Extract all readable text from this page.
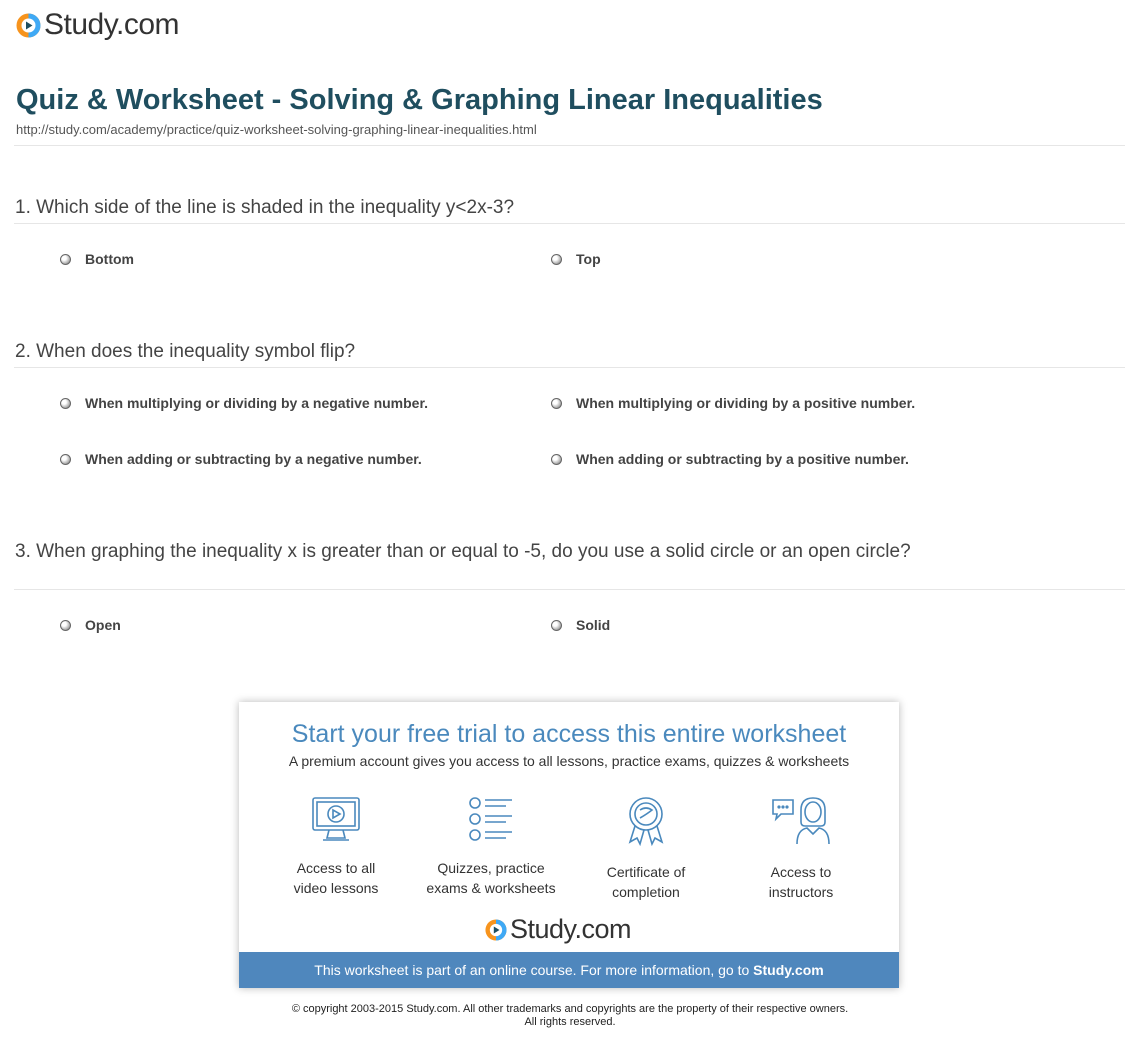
Study.com
Quiz & Worksheet - Solving & Graphing Linear Inequalities
http://study.com/academy/practice/quiz-worksheet-solving-graphing-linear-inequalities.html
1. Which side of the line is shaded in the inequality y<2x-3?
Bottom	Top
2. When does the inequality symbol flip?
When multiplying or dividing by a negative number.	When multiplying or dividing by a positive number.
When adding or subtracting by a negative number.	When adding or subtracting by a positive number.
3. When graphing the inequality x is greater than or equal to -5, do you use a solid circle or an open circle?
Open	Solid
Start your free trial to access this entire worksheet
A premium account gives you access to all lessons, practice exams, quizzes & worksheets
Access to all
video lessons
Quizzes, practice
exams & worksheets
Certificate of
completion
Access to
instructors
Study.com
This worksheet is part of an online course. For more information, go to Study.com
© copyright 2003-2015 Study.com. All other trademarks and copyrights are the property of their respective owners.
All rights reserved.
